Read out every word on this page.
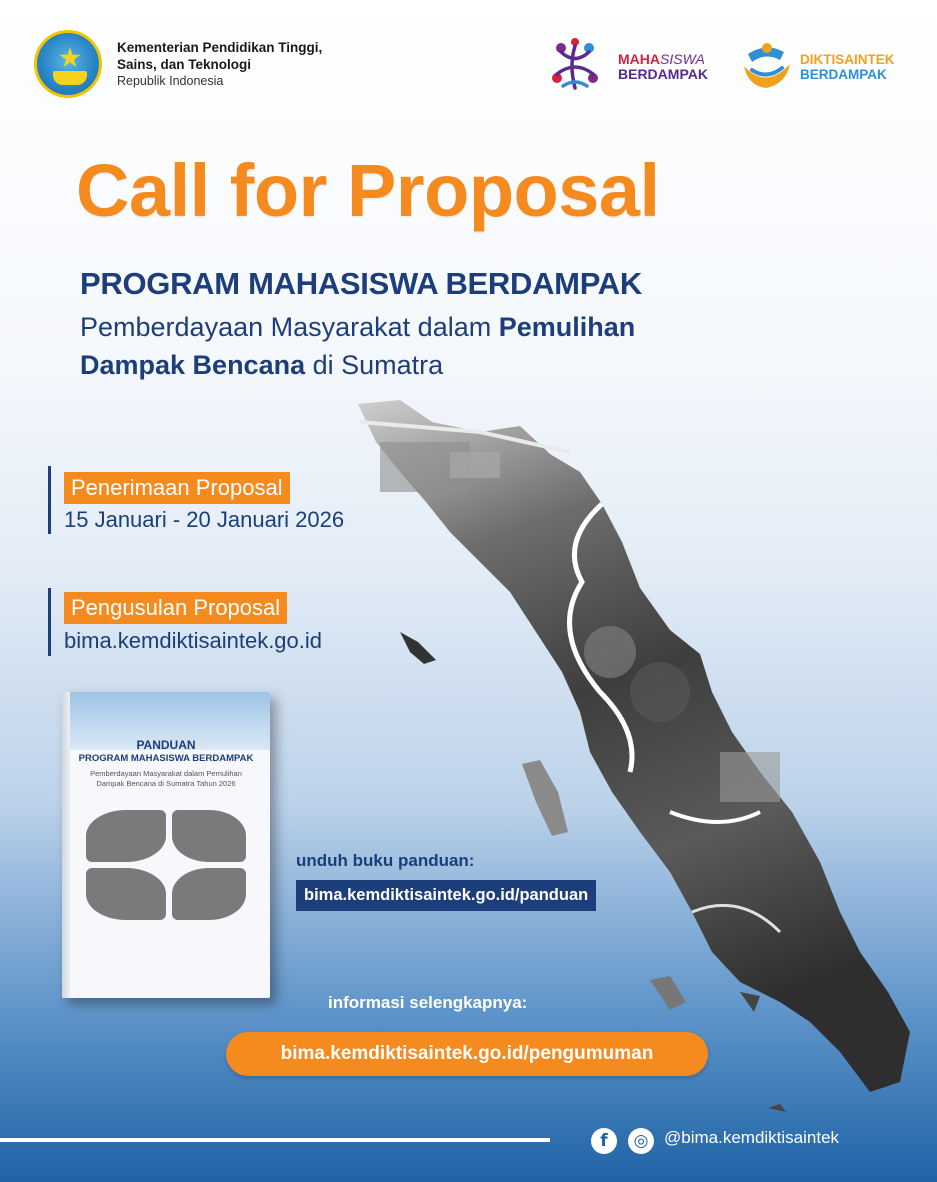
Kementerian Pendidikan Tinggi,
Sains, dan Teknologi
Republik Indonesia
MAHASISWA
BERDAMPAK
DIKTISAINTEK
BERDAMPAK
Call for Proposal
PROGRAM MAHASISWA BERDAMPAK
Pemberdayaan Masyarakat dalam Pemulihan
Dampak Bencana di Sumatra
Penerimaan Proposal
15 Januari - 20 Januari 2026
Pengusulan Proposal
bima.kemdiktisaintek.go.id
PANDUAN
PROGRAM MAHASISWA BERDAMPAK
Pemberdayaan Masyarakat dalam Pemulihan
Dampak Bencana di Sumatra Tahun 2026
unduh buku panduan:
bima.kemdiktisaintek.go.id/panduan
informasi selengkapnya:
bima.kemdiktisaintek.go.id/pengumuman
f	◎ @bima.kemdiktisaintek
